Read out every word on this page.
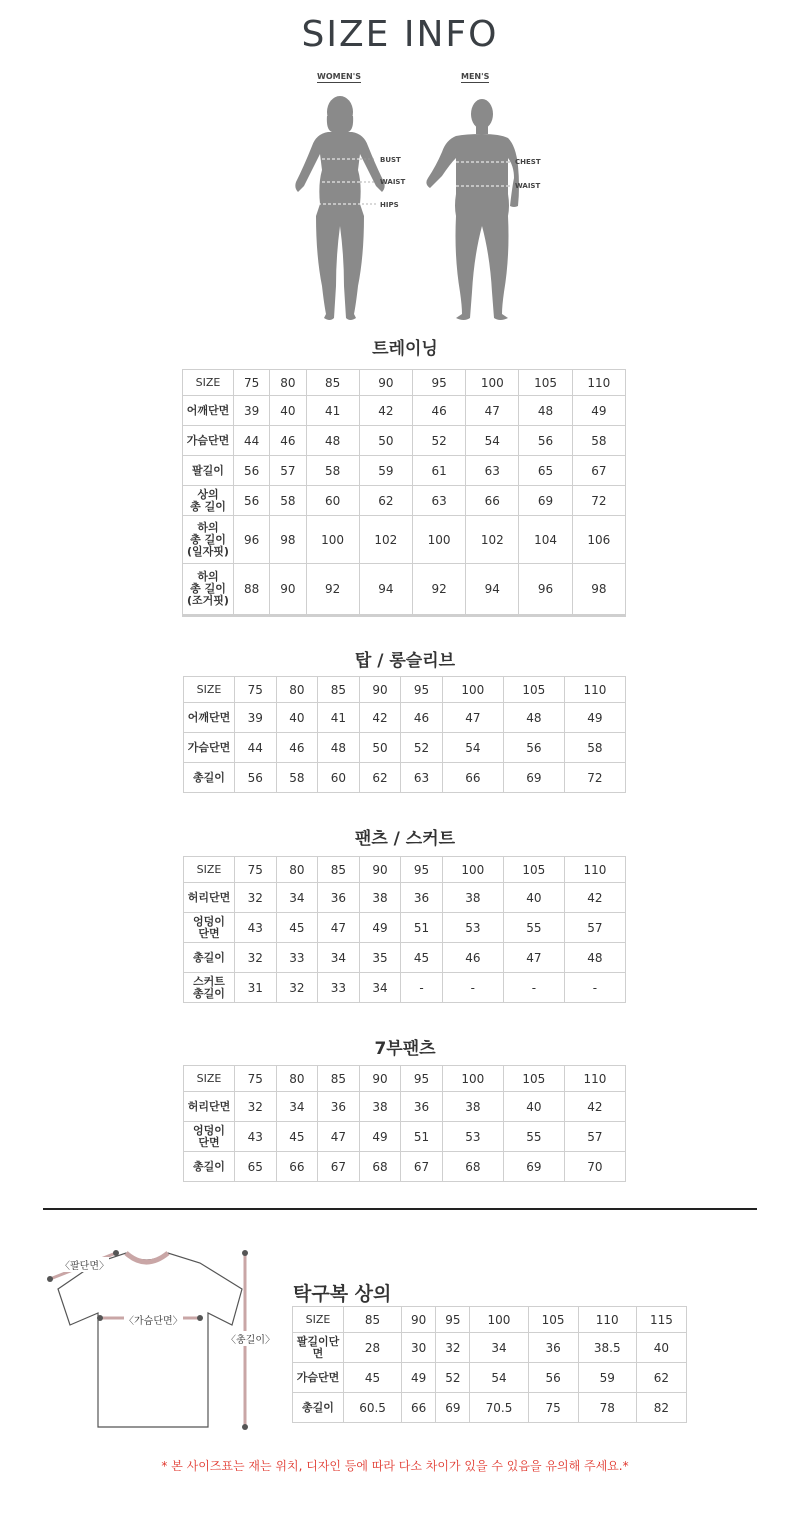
SIZE INFO
WOMEN'S	MEN'S
BUST
WAIST
HIPS
CHEST
WAIST
트레이닝
탑 / 롱슬리브
팬츠 / 스커트
7부팬츠
SIZE	75	80	85	90	95	100	105	110
어깨단면	39	40	41	42	46	47	48	49
가슴단면	44	46	48	50	52	54	56	58
팔길이	56	57	58	59	61	63	65	67
상의
총 길이	56	58	60	62	63	66	69	72
하의
총 길이
(일자핏)	96	98	100	102	100	102	104	106
하의
총 길이
(조거핏)	88	90	92	94	92	94	96	98
SIZE	75	80	85	90	95	100	105	110
어깨단면	39	40	41	42	46	47	48	49
가슴단면	44	46	48	50	52	54	56	58
총길이	56	58	60	62	63	66	69	72
SIZE	75	80	85	90	95	100	105	110
허리단면	32	34	36	38	36	38	40	42
엉덩이
단면	43	45	47	49	51	53	55	57
총길이	32	33	34	35	45	46	47	48
스커트
총길이	31	32	33	34	-	-	-	-
SIZE	75	80	85	90	95	100	105	110
허리단면	32	34	36	38	36	38	40	42
엉덩이
단면	43	45	47	49	51	53	55	57
총길이	65	66	67	68	67	68	69	70
〈팔단면〉
〈가슴단면〉
〈총길이〉
탁구복 상의
SIZE	85	90	95	100	105	110	115
팔길이단면	28	30	32	34	36	38.5	40
가슴단면	45	49	52	54	56	59	62
총길이	60.5	66	69	70.5	75	78	82
* 본 사이즈표는 재는 위치, 디자인 등에 따라 다소 차이가 있을 수 있음을 유의해 주세요.*
